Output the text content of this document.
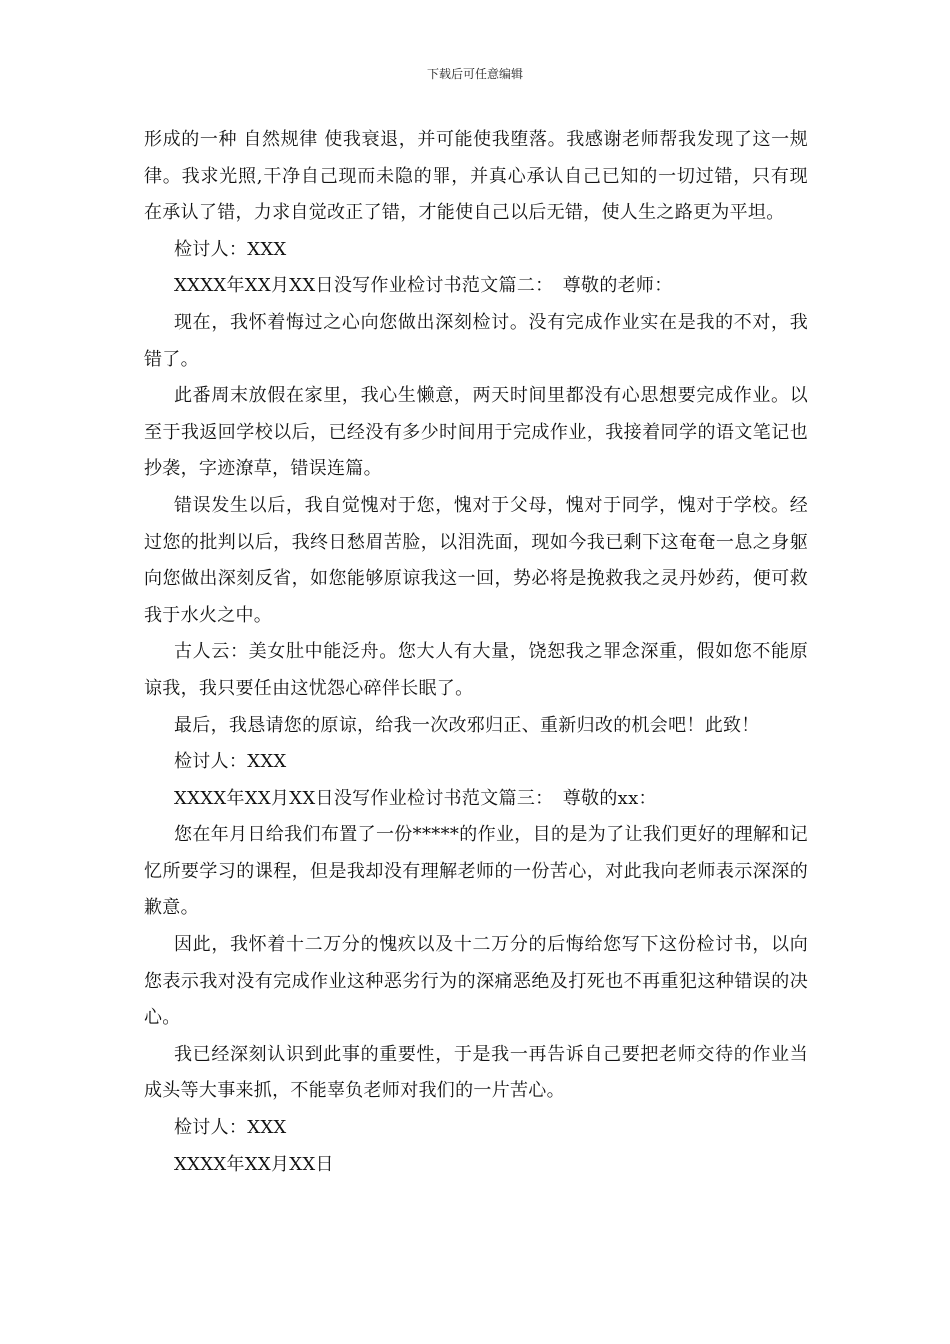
下载后可任意编辑

形成的一种 自然规律 使我衰退，并可能使我堕落。我感谢老师帮我发现了这一规律。我求光照,干净自己现而未隐的罪，并真心承认自己已知的一切过错，只有现在承认了错，力求自觉改正了错，才能使自己以后无错，使人生之路更为平坦。

检讨人：XXX

XXXX年XX月XX日没写作业检讨书范文篇二：　尊敬的老师：

现在，我怀着悔过之心向您做出深刻检讨。没有完成作业实在是我的不对，我错了。

此番周末放假在家里，我心生懒意，两天时间里都没有心思想要完成作业。以至于我返回学校以后，已经没有多少时间用于完成作业，我接着同学的语文笔记也抄袭，字迹潦草，错误连篇。

错误发生以后，我自觉愧对于您，愧对于父母，愧对于同学，愧对于学校。经过您的批判以后，我终日愁眉苦脸，以泪洗面，现如今我已剩下这奄奄一息之身躯向您做出深刻反省，如您能够原谅我这一回，势必将是挽救我之灵丹妙药，便可救我于水火之中。

古人云：美女肚中能泛舟。您大人有大量，饶恕我之罪念深重，假如您不能原谅我，我只要任由这忧怨心碎伴长眠了。

最后，我恳请您的原谅，给我一次改邪归正、重新归改的机会吧！此致！

检讨人：XXX

XXXX年XX月XX日没写作业检讨书范文篇三：　尊敬的xx：

您在年月日给我们布置了一份*****的作业，目的是为了让我们更好的理解和记忆所要学习的课程，但是我却没有理解老师的一份苦心，对此我向老师表示深深的歉意。

因此，我怀着十二万分的愧疚以及十二万分的后悔给您写下这份检讨书，以向您表示我对没有完成作业这种恶劣行为的深痛恶绝及打死也不再重犯这种错误的决心。

我已经深刻认识到此事的重要性，于是我一再告诉自己要把老师交待的作业当成头等大事来抓，不能辜负老师对我们的一片苦心。

检讨人：XXX

XXXX年XX月XX日
